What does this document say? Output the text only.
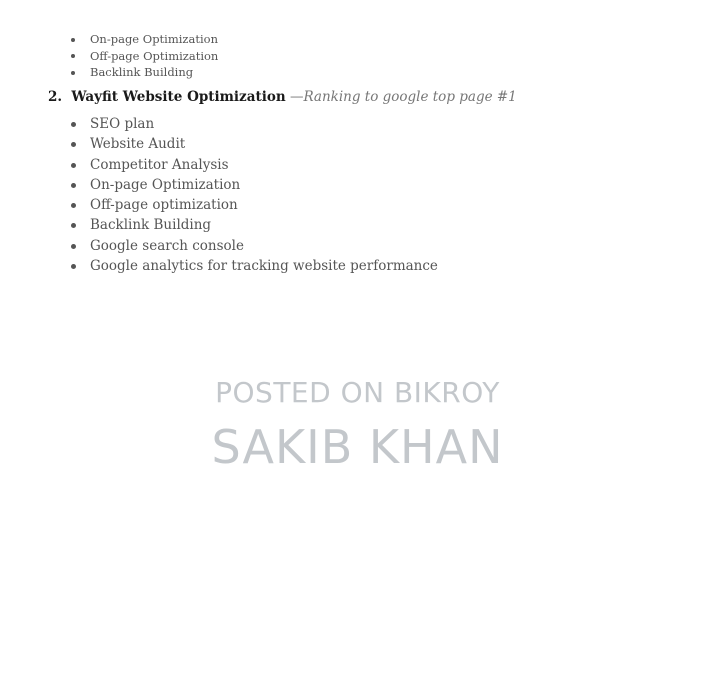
On-page Optimization
Off-page Optimization
Backlink Building
2. Wayfit Website Optimization —Ranking to google top page #1
SEO plan
Website Audit
Competitor Analysis
On-page Optimization
Off-page optimization
Backlink Building
Google search console
Google analytics for tracking website performance
POSTED ON BIKROY
SAKIB KHAN
